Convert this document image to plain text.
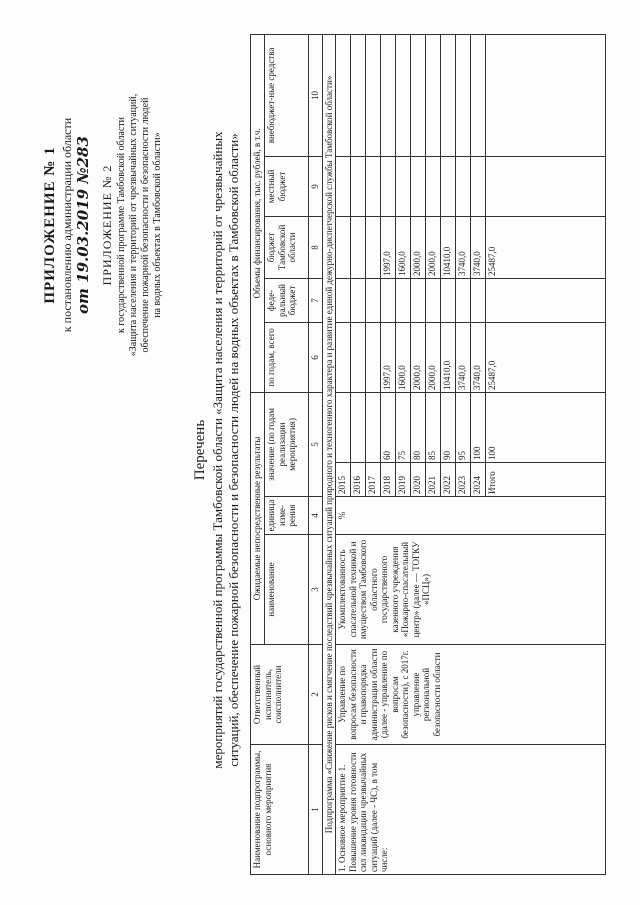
ПРИЛОЖЕНИЕ № 1 к постановлению администрации области от 19.03.2019 №283 ПРИЛОЖЕНИЕ № 2 к государственной программе Тамбовской области «Защита населения и территорий от чрезвычайных ситуаций, обеспечение пожарной безопасности и безопасности людей на водных объектах в Тамбовской области»
Перечень мероприятий государственной программы Тамбовской области «Защита населения и территорий от чрезвычайных ситуаций, обеспечение пожарной безопасности и безопасности людей на водных объектах в Тамбовской области»
Наименование подпрограммы, основного мероприятия	Ответственный исполнитель, соисполнители	Ожидаемые непосредственные результаты				Объемы финансирования, тыс. рублей, в т.ч.				
		наименование	единица изме-рения	значение (по годам реализации мероприятия)		по годам, всего	феде-ральный бюджет	бюджет Тамбовской области	местный бюджет	внебюджет-ные средства
1	2	3	4	5		6	7	8	9	10
Подпрограмма «Снижение рисков и смягчение последствий чрезвычайных ситуаций природного и техногенного характера и развитие единой дежурно-диспетчерской службы Тамбовской области»										
1. Основное мероприятие 1. Повышение уровня готовности сил ликвидации чрезвычайных ситуаций (далее - ЧС), в том числе:	Управление по вопросам безопасности и правопорядка администрации области (далее - управление по вопросам безопасности), с 2017г. управление региональной безопасности области	Укомплектованность спасательной техникой и имуществом Тамбовского областного государственного казенного учреждения «Пожарно-спасательный центр» (далее — ТОГКУ «ПСЦ»)	%	2015						
				2016						
				2017						
				2018	60	1997,0		1997,0		
				2019	75	1600,0		1600,0		
				2020	80	2000,0		2000,0		
				2021	85	2000,0		2000,0		
				2022	90	10410,0		10410,0		
				2023	95	3740,0		3740,0		
				2024	100	3740,0		3740,0		
				Итого	100	25487,0		25487,0		
